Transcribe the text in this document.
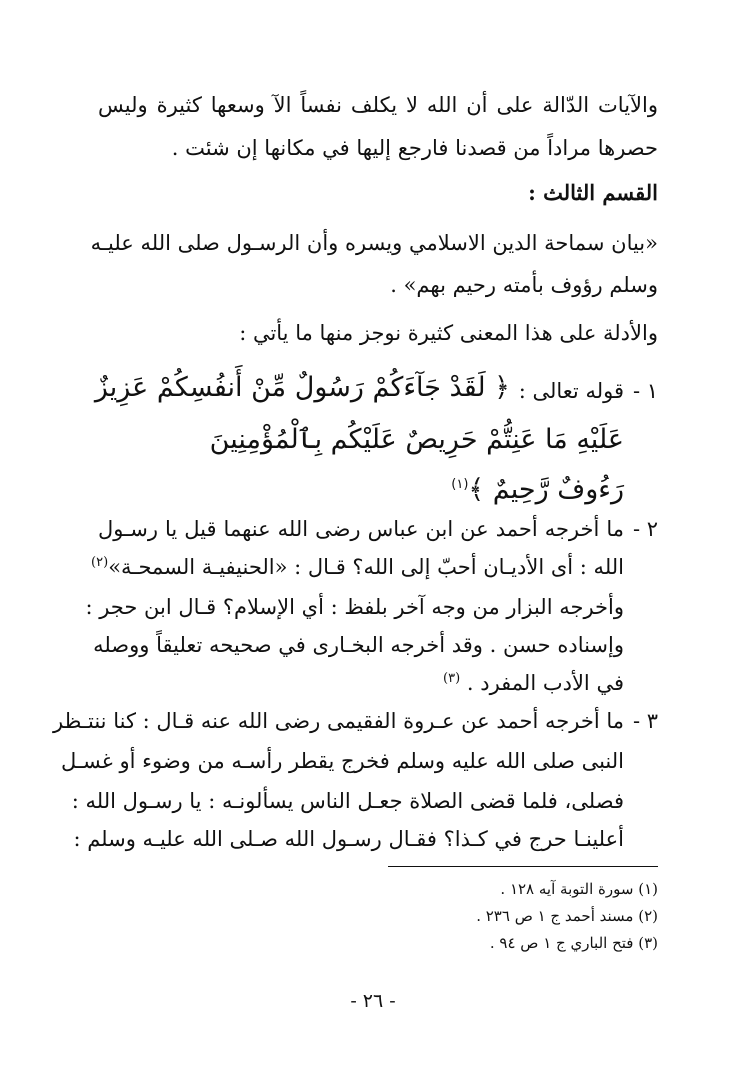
والآيات الدّالة على أن الله لا يكلف نفساً الآ وسعها كثيرة وليس
حصرها مراداً من قصدنا فارجع إليها في مكانها إن شئت .
القسم الثالث :
«بيان سماحة الدين الاسلامي ويسره وأن الرسـول صلى الله عليـه
وسلم رؤوف بأمته رحيم بهم» .
والأدلة على هذا المعنى كثيرة نوجز منها ما يأتي :
١ -
قوله تعالى :
﴿ لَقَدْ جَآءَكُمْ رَسُولٌ مِّنْ أَنفُسِكُمْ عَزِيزٌ
عَلَيْهِ مَا عَنِتُّمْ حَرِيصٌ عَلَيْكُم بِٱلْمُؤْمِنِينَ
رَءُوفٌ رَّحِيمٌ ﴾$^{(١)}$
٢ -
ما أخرجه أحمد عن ابن عباس رضى الله عنهما قيل يا رسـول
الله : أى الأديـان أحبّ إلى الله؟ قـال : «الحنيفيـة السمحـة»$^{(٢)}$
وأخرجه البزار من وجه آخر بلفظ : أي الإسلام؟ قـال ابن حجر :
وإسناده حسن . وقد أخرجه البخـارى في صحيحه تعليقاً ووصله
في الأدب المفرد . $^{(٣)}$
٣ -
ما أخرجه أحمد عن عـروة الفقيمى رضى الله عنه قـال : كنا ننتـظر
النبى صلى الله عليه وسلم فخرج يقطر رأسـه من وضوء أو غسـل
فصلى، فلما قضى الصلاة جعـل الناس يسألونـه : يا رسـول الله :
أعلينـا حرج في كـذا؟ فقـال رسـول الله صـلى الله عليـه وسلم :
(١) سورة التوبة آيه ١٢٨ .
(٢) مسند أحمد ج ١ ص ٢٣٦ .
(٣) فتح الباري ج ١ ص ٩٤ .
- ٢٦ -
